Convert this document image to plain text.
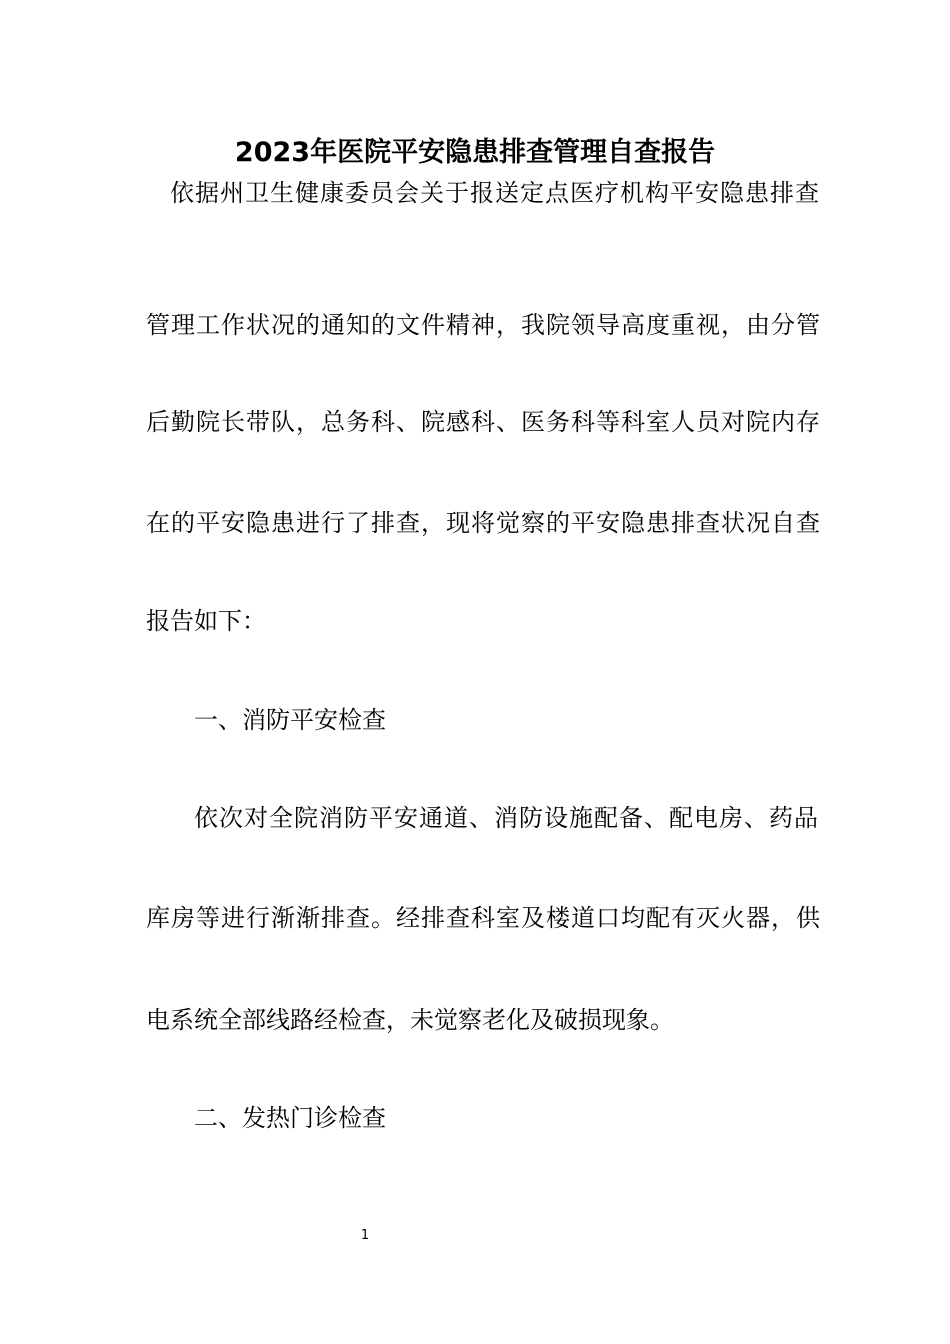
2023年医院平安隐患排查管理自查报告
依据州卫生健康委员会关于报送定点医疗机构平安隐患排查
管理工作状况的通知的文件精神，我院领导高度重视，由分管
后勤院长带队，总务科、院感科、医务科等科室人员对院内存
在的平安隐患进行了排查，现将觉察的平安隐患排查状况自查
报告如下：
一、消防平安检查
依次对全院消防平安通道、消防设施配备、配电房、药品
库房等进行渐渐排查。经排查科室及楼道口均配有灭火器，供
电系统全部线路经检查，未觉察老化及破损现象。
二、发热门诊检查
1
